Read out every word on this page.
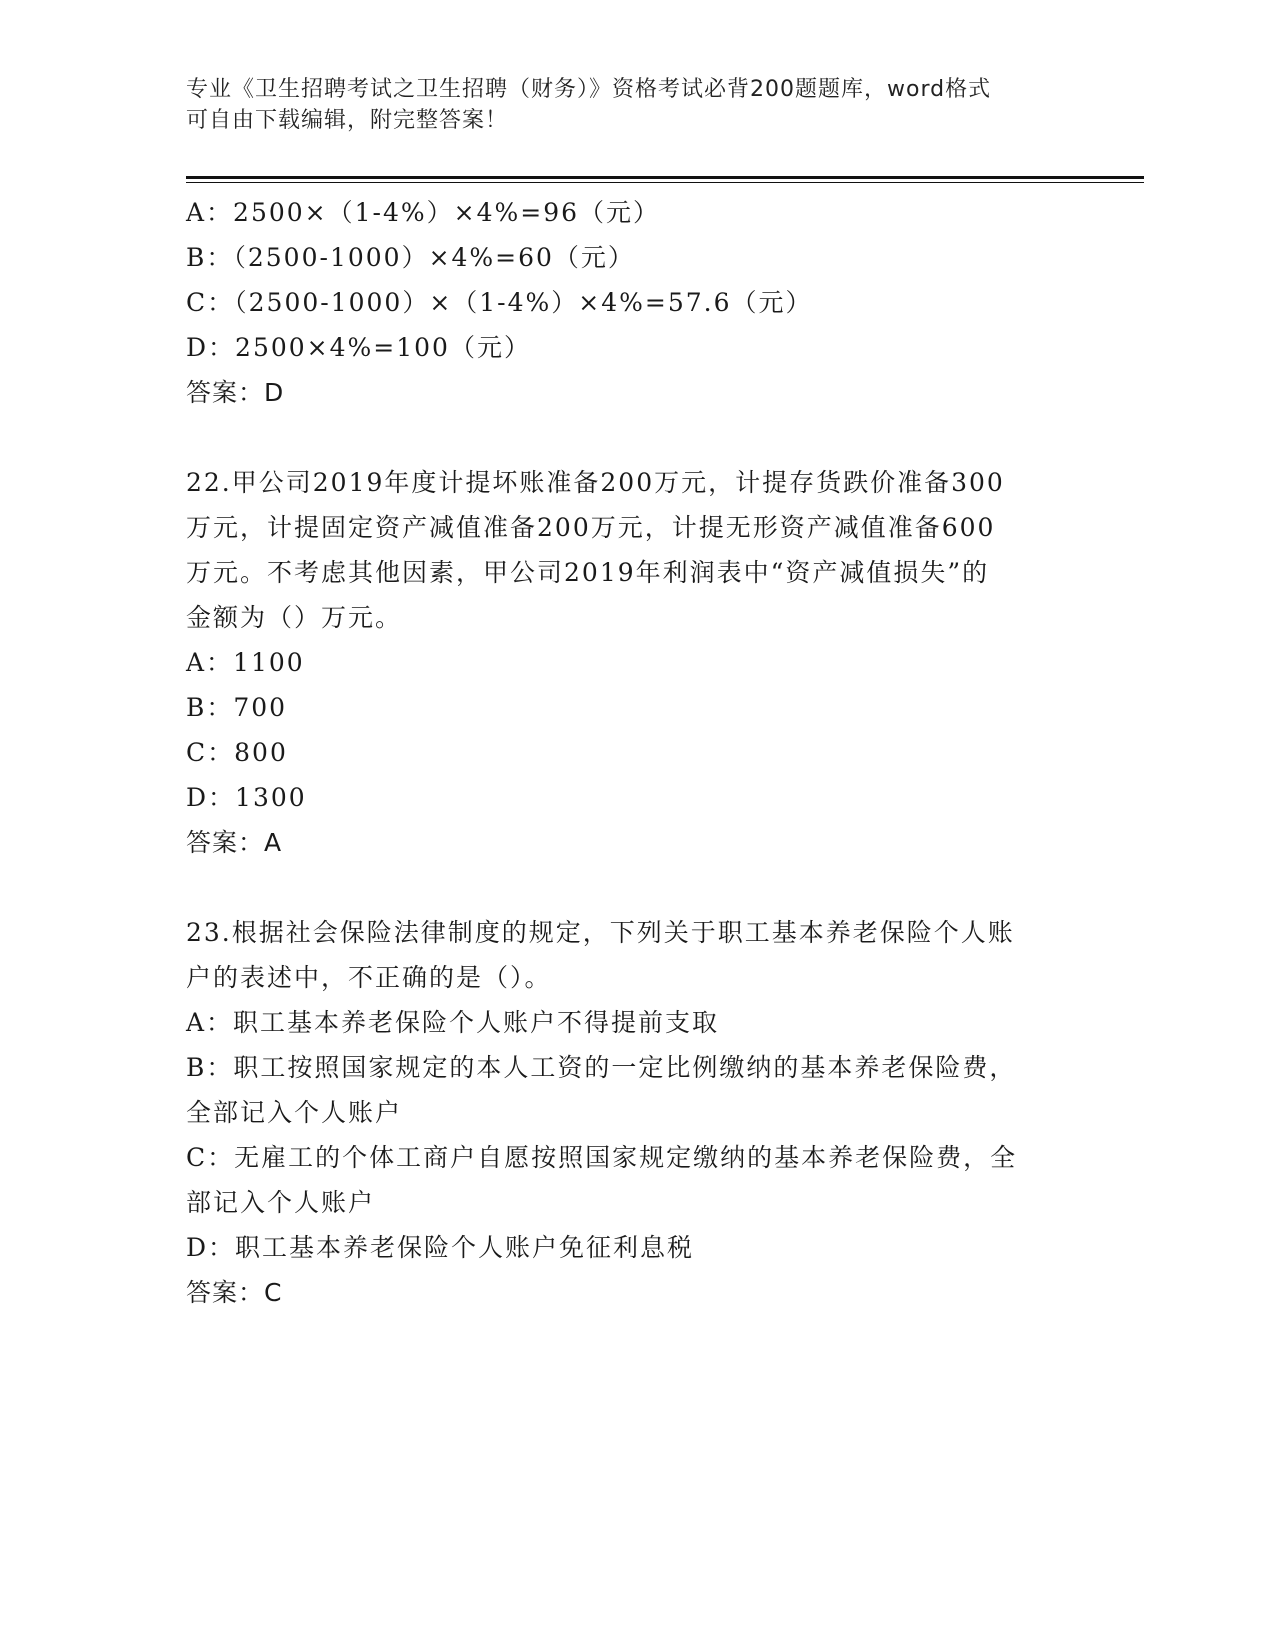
专业《卫生招聘考试之卫生招聘（财务）》资格考试必背200题题库，word格式
可自由下载编辑，附完整答案！
A：2500×（1-4%）×4%=96（元）
B：（2500-1000）×4%=60（元）
C：（2500-1000）×（1-4%）×4%=57.6（元）
D：2500×4%=100（元）
答案：D
22.甲公司2019年度计提坏账准备200万元，计提存货跌价准备300
万元，计提固定资产减值准备200万元，计提无形资产减值准备600
万元。不考虑其他因素，甲公司2019年利润表中“资产减值损失”的
金额为（）万元。
A：1100
B：700
C：800
D：1300
答案：A
23.根据社会保险法律制度的规定，下列关于职工基本养老保险个人账
户的表述中，不正确的是（）。
A：职工基本养老保险个人账户不得提前支取
B：职工按照国家规定的本人工资的一定比例缴纳的基本养老保险费，
全部记入个人账户
C：无雇工的个体工商户自愿按照国家规定缴纳的基本养老保险费，全
部记入个人账户
D：职工基本养老保险个人账户免征利息税
答案：C
